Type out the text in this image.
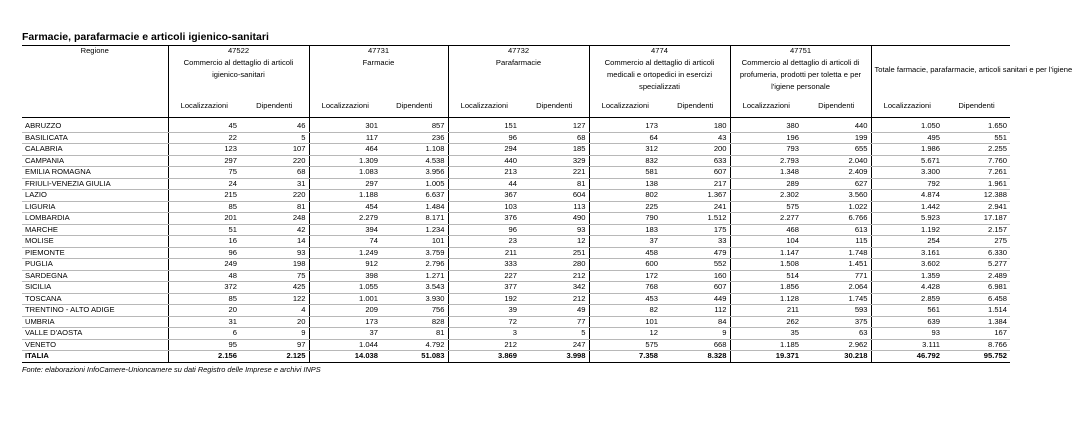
Farmacie, parafarmacie e articoli igienico-sanitari
Regione	47522		47731		47732		4774		47751		Totale farmacie, parafarmacie, articoli sanitari e per l'igiene	
	Commercio al dettaglio di articoli igienico-sanitari		Farmacie		Parafarmacie		Commercio al dettaglio di articoli medicali e ortopedici in esercizi specializzati		Commercio al dettaglio di articoli di profumeria, prodotti per toletta e per l'igiene personale			
	Localizzazioni	Dipendenti	Localizzazioni	Dipendenti	Localizzazioni	Dipendenti	Localizzazioni	Dipendenti	Localizzazioni	Dipendenti	Localizzazioni	Dipendenti

ABRUZZO	45	46	301	857	151	127	173	180	380	440	1.050	1.650
BASILICATA	22	5	117	236	96	68	64	43	196	199	495	551
CALABRIA	123	107	464	1.108	294	185	312	200	793	655	1.986	2.255
CAMPANIA	297	220	1.309	4.538	440	329	832	633	2.793	2.040	5.671	7.760
EMILIA ROMAGNA	75	68	1.083	3.956	213	221	581	607	1.348	2.409	3.300	7.261
FRIULI-VENEZIA GIULIA	24	31	297	1.005	44	81	138	217	289	627	792	1.961
LAZIO	215	220	1.188	6.637	367	604	802	1.367	2.302	3.560	4.874	12.388
LIGURIA	85	81	454	1.484	103	113	225	241	575	1.022	1.442	2.941
LOMBARDIA	201	248	2.279	8.171	376	490	790	1.512	2.277	6.766	5.923	17.187
MARCHE	51	42	394	1.234	96	93	183	175	468	613	1.192	2.157
MOLISE	16	14	74	101	23	12	37	33	104	115	254	275
PIEMONTE	96	93	1.249	3.759	211	251	458	479	1.147	1.748	3.161	6.330
PUGLIA	249	198	912	2.796	333	280	600	552	1.508	1.451	3.602	5.277
SARDEGNA	48	75	398	1.271	227	212	172	160	514	771	1.359	2.489
SICILIA	372	425	1.055	3.543	377	342	768	607	1.856	2.064	4.428	6.981
TOSCANA	85	122	1.001	3.930	192	212	453	449	1.128	1.745	2.859	6.458
TRENTINO - ALTO ADIGE	20	4	209	756	39	49	82	112	211	593	561	1.514
UMBRIA	31	20	173	828	72	77	101	84	262	375	639	1.384
VALLE D'AOSTA	6	9	37	81	3	5	12	9	35	63	93	167
VENETO	95	97	1.044	4.792	212	247	575	668	1.185	2.962	3.111	8.766
ITALIA	2.156	2.125	14.038	51.083	3.869	3.998	7.358	8.328	19.371	30.218	46.792	95.752
Fonte: elaborazioni InfoCamere-Unioncamere su dati Registro delle Imprese e archivi INPS
